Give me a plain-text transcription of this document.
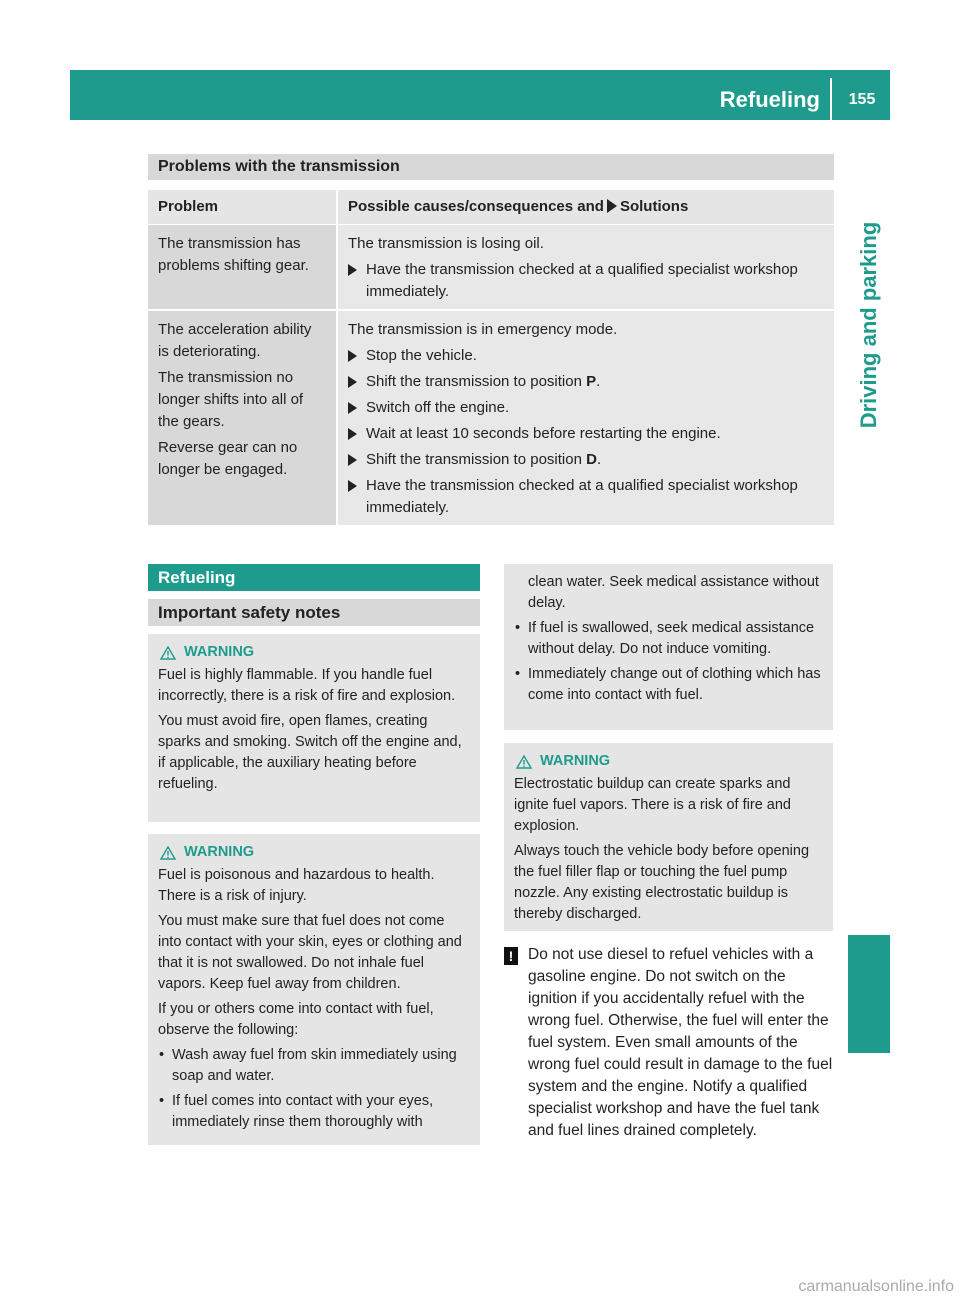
Refueling	155
Driving and parking
Problems with the transmission
Problem	Possible causes/consequences and Solutions

The transmission has problems shifting gear.

The transmission is losing oil.

Have the transmission checked at a qualified specialist workshop immediately.

The acceleration ability is deteriorating.

The transmission no longer shifts into all of the gears.

Reverse gear can no longer be engaged.

The transmission is in emergency mode.

Stop the vehicle.
Shift the transmission to position P.
Switch off the engine.
Wait at least 10 seconds before restarting the engine.
Shift the transmission to position D.
Have the transmission checked at a qualified specialist workshop immediately.
Refueling
Important safety notes
WARNING

Fuel is highly flammable. If you handle fuel incorrectly, there is a risk of fire and explosion.

You must avoid fire, open flames, creating sparks and smoking. Switch off the engine and, if applicable, the auxiliary heating before refueling.

WARNING

Fuel is poisonous and hazardous to health. There is a risk of injury.

You must make sure that fuel does not come into contact with your skin, eyes or clothing and that it is not swallowed. Do not inhale fuel vapors. Keep fuel away from children.

If you or others come into contact with fuel, observe the following:

• Wash away fuel from skin immediately using soap and water.
• If fuel comes into contact with your eyes, immediately rinse them thoroughly with
clean water. Seek medical assistance without delay.
• If fuel is swallowed, seek medical assistance without delay. Do not induce vomiting.
• Immediately change out of clothing which has come into contact with fuel.
WARNING

Electrostatic buildup can create sparks and ignite fuel vapors. There is a risk of fire and explosion.

Always touch the vehicle body before opening the fuel filler flap or touching the fuel pump nozzle. Any existing electrostatic buildup is thereby discharged.

! Do not use diesel to refuel vehicles with a gasoline engine. Do not switch on the ignition if you accidentally refuel with the wrong fuel. Otherwise, the fuel will enter the fuel system. Even small amounts of the wrong fuel could result in damage to the fuel system and the engine. Notify a qualified specialist workshop and have the fuel tank and fuel lines drained completely.
carmanualsonline.info
